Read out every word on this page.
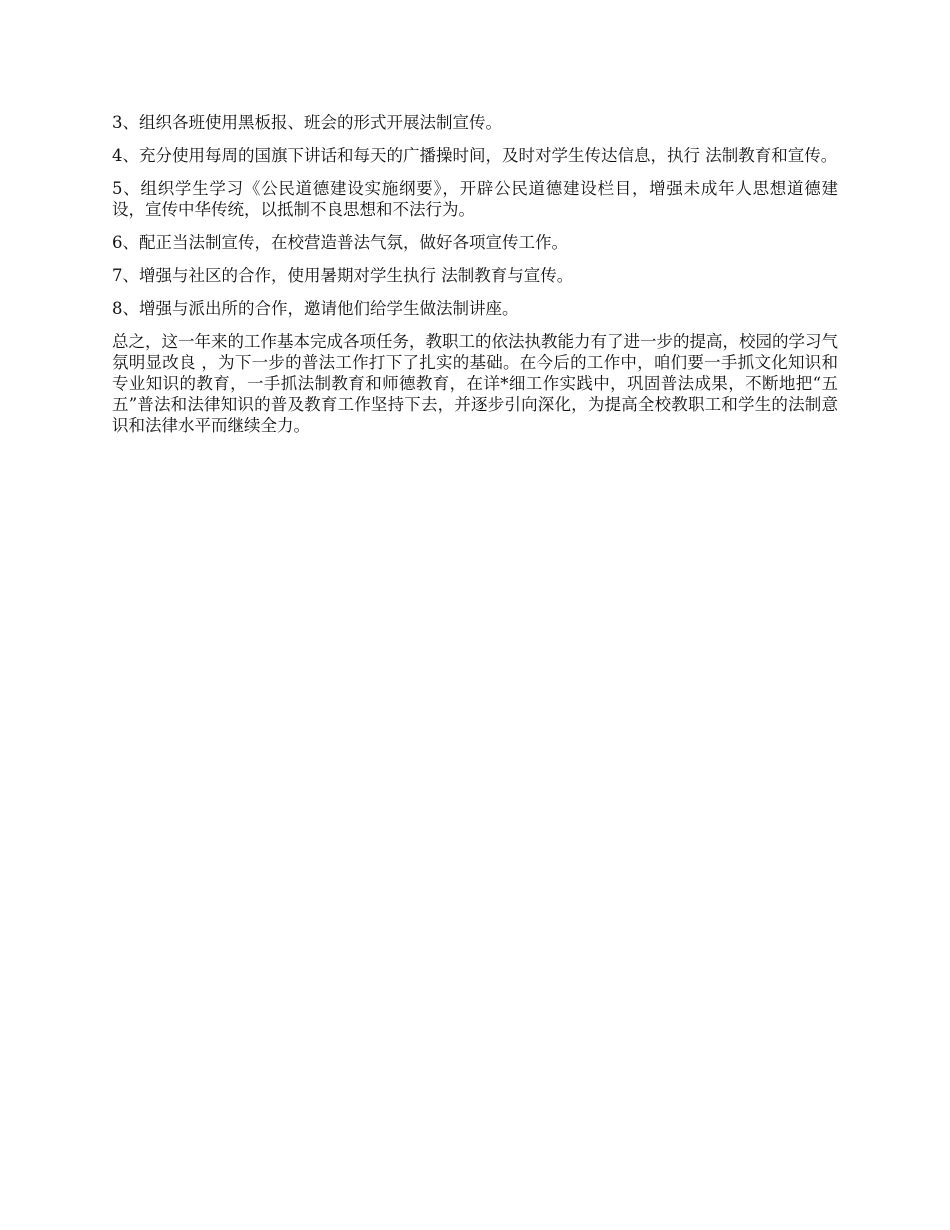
3、组织各班使用黑板报、班会的形式开展法制宣传。

4、充分使用每周的国旗下讲话和每天的广播操时间，及时对学生传达信息，执行 法制教育和宣传。

5、组织学生学习《公民道德建设实施纲要》，开辟公民道德建设栏目，增强未成年人思想道德建设，宣传中华传统，以抵制不良思想和不法行为。

6、配正当法制宣传，在校营造普法气氛，做好各项宣传工作。

7、增强与社区的合作，使用暑期对学生执行 法制教育与宣传。

8、增强与派出所的合作，邀请他们给学生做法制讲座。

总之，这一年来的工作基本完成各项任务，教职工的依法执教能力有了进一步的提高，校园的学习气氛明显改良 ，为下一步的普法工作打下了扎实的基础。在今后的工作中，咱们要一手抓文化知识和专业知识的教育，一手抓法制教育和师德教育，在详*细工作实践中，巩固普法成果，不断地把“五五”普法和法律知识的普及教育工作坚持下去，并逐步引向深化，为提高全校教职工和学生的法制意识和法律水平而继续全力。
